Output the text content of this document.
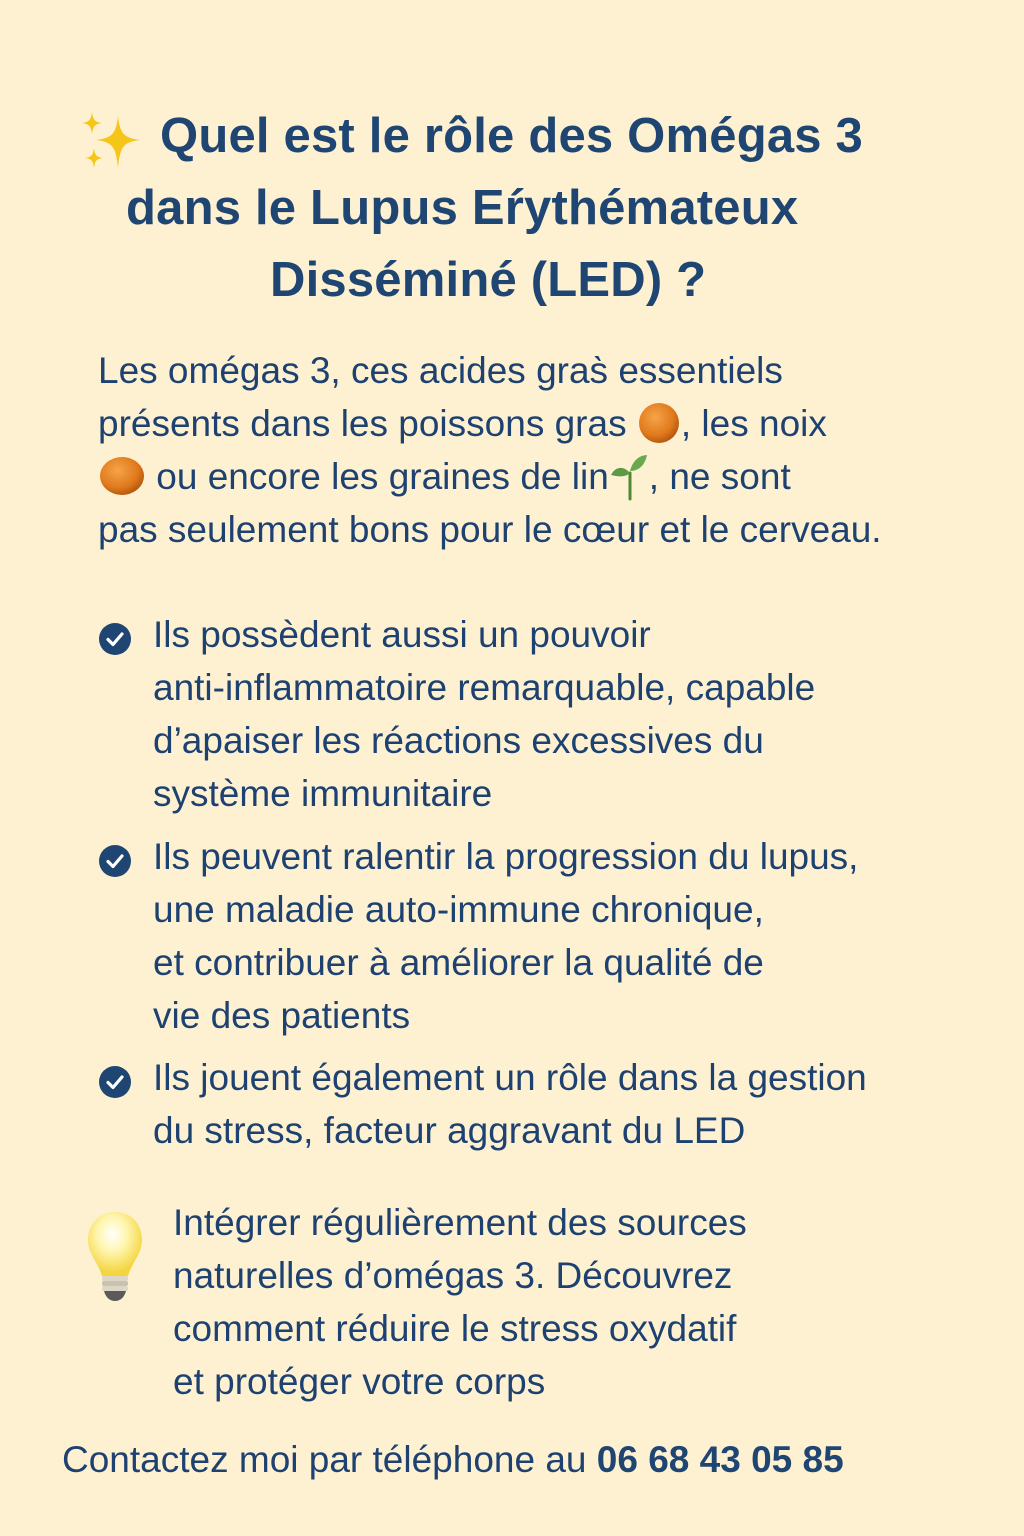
Quel est le rôle des Omégas 3
dans le Lupus Eŕythématеux
Disséminé (LED) ?
Les omégas 3, ces acides gras̀ essentiels
présents dans les poissons gras , les noix
ou encore les graines de lin , ne sont
pas seulement bons pour le cœur et le cerveau.
Ils possèdent aussi un pouvoir
anti-inflammatoire remarquable, capable
d’apaiser les réactions excessives du
système immunitaire
Ils peuvent ralentir la progression du lupus,
une maladie auto-immune chronique,
et contribuer à améliorer la qualité de
vie des patients
Ils jouent également un rôle dans la gestion
du stress, facteur aggravant du LED
Intégrer régulièrement des sources
naturelles d’omégas 3. Découvrez
comment réduire le stress oxydatif
et protéger votre corps
Contactez moi par téléphone au 06 68 43 05 85
